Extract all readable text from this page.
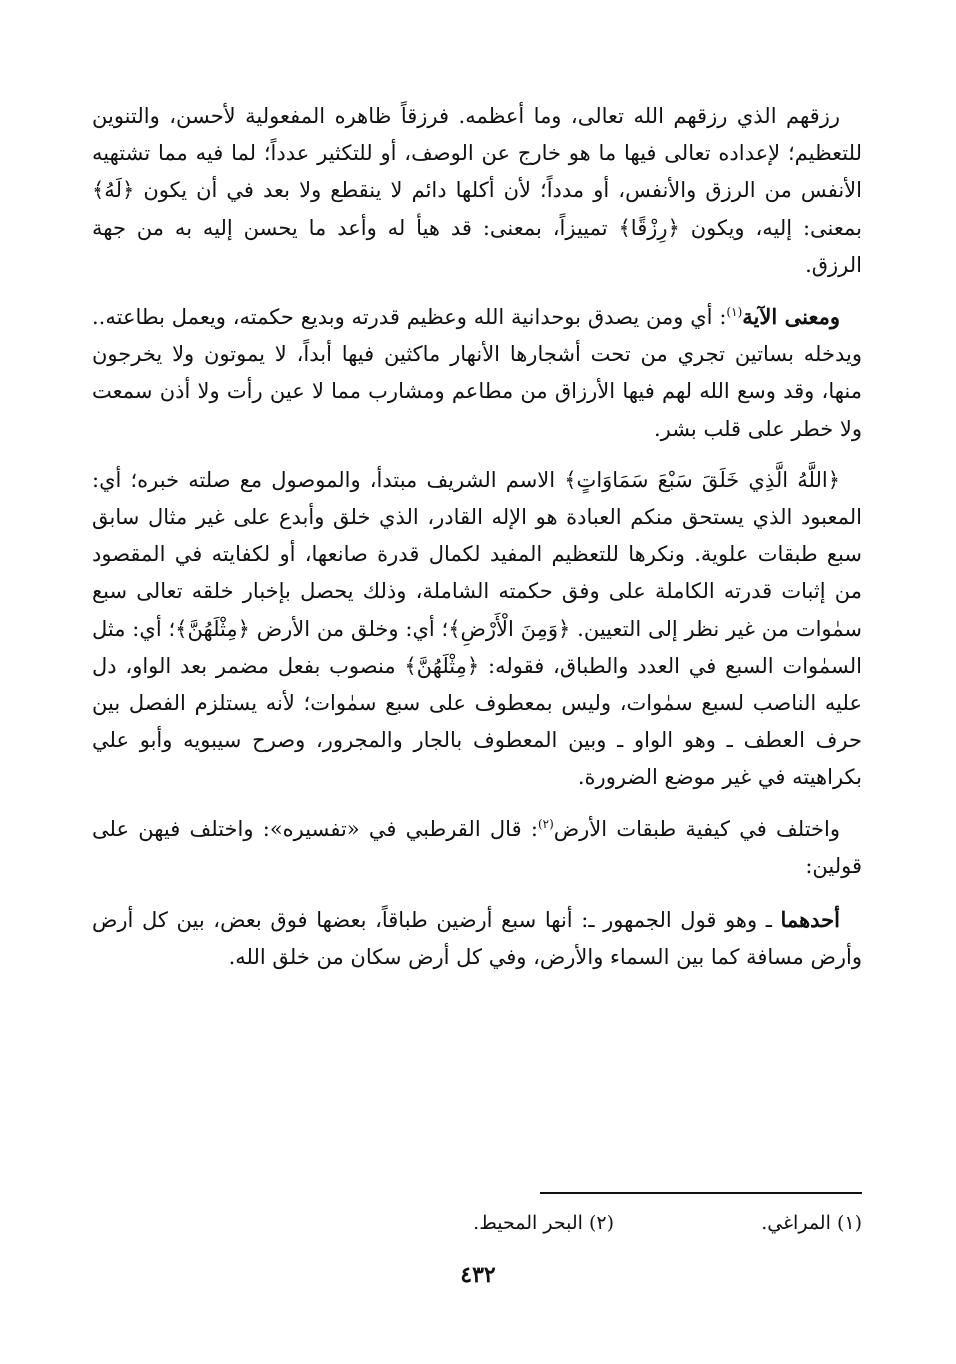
رزقهم الذي رزقهم الله تعالى، وما أعظمه. فرزقاً ظاهره المفعولية لأحسن، والتنوين للتعظيم؛ لإعداده تعالى فيها ما هو خارج عن الوصف، أو للتكثير عدداً؛ لما فيه مما تشتهيه الأنفس من الرزق والأنفس، أو مدداً؛ لأن أكلها دائم لا ينقطع ولا بعد في أن يكون ﴿لَهُ﴾ بمعنى: إليه، ويكون ﴿رِزْقًا﴾ تمييزاً، بمعنى: قد هيأ له وأعد ما يحسن إليه به من جهة الرزق.

ومعنى الآية$^{(١)}$: أي ومن يصدق بوحدانية الله وعظيم قدرته وبديع حكمته، ويعمل بطاعته.. ويدخله بساتين تجري من تحت أشجارها الأنهار ماكثين فيها أبداً، لا يموتون ولا يخرجون منها، وقد وسع الله لهم فيها الأرزاق من مطاعم ومشارب مما لا عين رأت ولا أذن سمعت ولا خطر على قلب بشر.

﴿اللَّهُ الَّذِي خَلَقَ سَبْعَ سَمَاوَاتٍ﴾ الاسم الشريف مبتدأ، والموصول مع صلته خبره؛ أي: المعبود الذي يستحق منكم العبادة هو الإله القادر، الذي خلق وأبدع على غير مثال سابق سبع طبقات علوية. ونكرها للتعظيم المفيد لكمال قدرة صانعها، أو لكفايته في المقصود من إثبات قدرته الكاملة على وفق حكمته الشاملة، وذلك يحصل بإخبار خلقه تعالى سبع سمٰوات من غير نظر إلى التعيين. ﴿وَمِنَ الْأَرْضِ﴾؛ أي: وخلق من الأرض ﴿مِثْلَهُنَّ﴾؛ أي: مثل السمٰوات السبع في العدد والطباق، فقوله: ﴿مِثْلَهُنَّ﴾ منصوب بفعل مضمر بعد الواو، دل عليه الناصب لسبع سمٰوات، وليس بمعطوف على سبع سمٰوات؛ لأنه يستلزم الفصل بين حرف العطف ـ وهو الواو ـ وبين المعطوف بالجار والمجرور، وصرح سيبويه وأبو علي بكراهيته في غير موضع الضرورة.

واختلف في كيفية طبقات الأرض$^{(٢)}$: قال القرطبي في «تفسيره»: واختلف فيهن على قولين:

أحدهما ـ وهو قول الجمهور ـ: أنها سبع أرضين طباقاً، بعضها فوق بعض، بين كل أرض وأرض مسافة كما بين السماء والأرض، وفي كل أرض سكان من خلق الله.

(١) المراغي.
(٢) البحر المحيط.
٤٣٢
